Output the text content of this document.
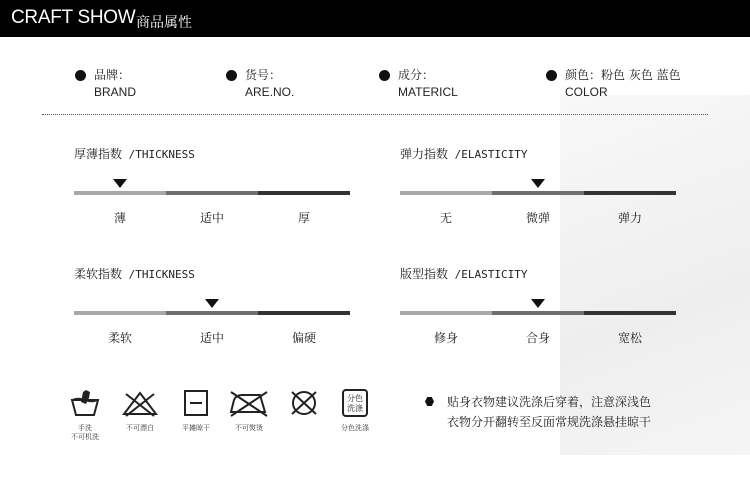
CRAFT SHOW 商品属性
品牌：
BRAND
货号：
ARE.NO.
成分：
MATERICL
颜色：粉色 灰色 蓝色
COLOR
厚薄指数 /THICKNESS
薄	适中	厚
弹力指数 /ELASTICITY
无	微弹	弹力
柔软指数 /THICKNESS
柔软	适中	偏硬
版型指数 /ELASTICITY
修身	合身	宽松
手洗
不可机洗
不可漂白	平摊晾干	不可熨烫
分色
洗涤
分色洗涤
贴身衣物建议洗涤后穿着，注意深浅色
衣物分开翻转至反面常规洗涤悬挂晾干
